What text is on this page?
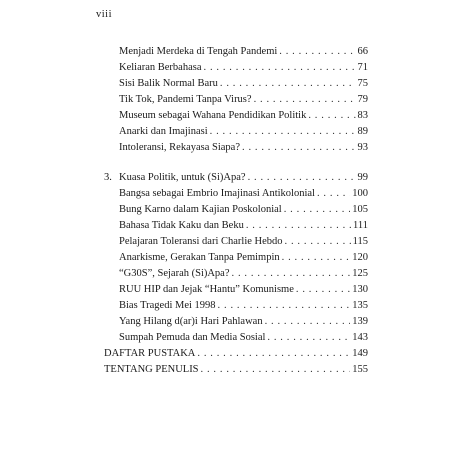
viii
Menjadi Merdeka di Tengah Pandemi . . .	66
Keliaran Berbahasa . . .	71
Sisi Balik Normal Baru . . .	75
Tik Tok, Pandemi Tanpa Virus? . . .	79
Museum sebagai Wahana Pendidikan Politik . . .	83
Anarki dan Imajinasi . . .	89
Intoleransi, Rekayasa Siapa? . . .	93
3. Kuasa Politik, untuk (Si)Apa? . . .	99
Bangsa sebagai Embrio Imajinasi Antikolonial . . .	100
Bung Karno dalam Kajian Poskolonial . . .	105
Bahasa Tidak Kaku dan Beku . . .	111
Pelajaran Toleransi dari Charlie Hebdo . . .	115
Anarkisme, Gerakan Tanpa Pemimpin . . .	120
“G30S”, Sejarah (Si)Apa? . . .	125
RUU HIP dan Jejak “Hantu” Komunisme . . .	130
Bias Tragedi Mei 1998 . . .	135
Yang Hilang d(ar)i Hari Pahlawan . . .	139
Sumpah Pemuda dan Media Sosial . . .	143
DAFTAR PUSTAKA . . .	149
TENTANG PENULIS . . .	155
